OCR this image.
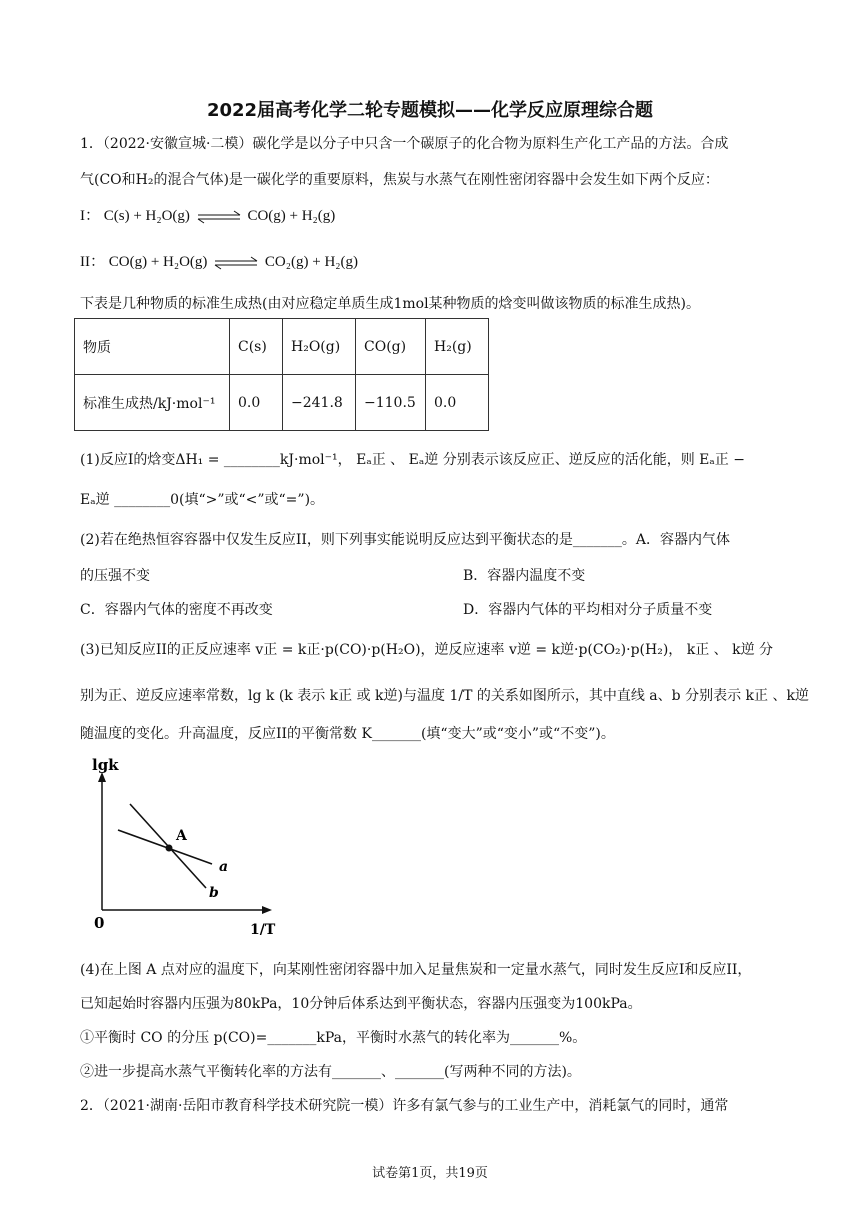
2022届高考化学二轮专题模拟——化学反应原理综合题
1．（2022·安徽宣城·二模）碳化学是以分子中只含一个碳原子的化合物为原料生产化工产品的方法。合成
气(CO和H₂的混合气体)是一碳化学的重要原料，焦炭与水蒸气在刚性密闭容器中会发生如下两个反应：
I： C(s) + H₂O(g) ⇌ CO(g) + H₂(g)
II： CO(g) + H₂O(g) ⇌ CO₂(g) + H₂(g)
下表是几种物质的标准生成热(由对应稳定单质生成1mol某种物质的焓变叫做该物质的标准生成热)。
物质	C(s)	H₂O(g)	CO(g)	H₂(g)
标准生成热/kJ·mol⁻¹	0.0	−241.8	−110.5	0.0
(1)反应I的焓变ΔH₁ = ________kJ·mol⁻¹， Eₐ正 、 Eₐ逆 分别表示该反应正、逆反应的活化能，则 Eₐ正 −
Eₐ逆 ________0(填“>”或“<”或“=”)。
(2)若在绝热恒容容器中仅发生反应II，则下列事实能说明反应达到平衡状态的是_______。A．容器内气体
的压强不变	B．容器内温度不变
C．容器内气体的密度不再改变	D．容器内气体的平均相对分子质量不变
(3)已知反应II的正反应速率 v正 = k正·p(CO)·p(H₂O)，逆反应速率 v逆 = k逆·p(CO₂)·p(H₂)， k正 、 k逆 分
别为正、逆反应速率常数，lg k (k 表示 k正 或 k逆)与温度 1/T 的关系如图所示，其中直线 a、b 分别表示 k正 、k逆
随温度的变化。升高温度，反应II的平衡常数 K_______(填“变大”或“变小”或“不变”)。
lgk
0
A
a
b
1/T
(4)在上图 A 点对应的温度下，向某刚性密闭容器中加入足量焦炭和一定量水蒸气，同时发生反应I和反应II，
已知起始时容器内压强为80kPa，10分钟后体系达到平衡状态，容器内压强变为100kPa。
①平衡时 CO 的分压 p(CO)=_______kPa，平衡时水蒸气的转化率为_______%。
②进一步提高水蒸气平衡转化率的方法有_______、_______(写两种不同的方法)。
2．（2021·湖南·岳阳市教育科学技术研究院一模）许多有氯气参与的工业生产中，消耗氯气的同时，通常
试卷第1页，共19页
